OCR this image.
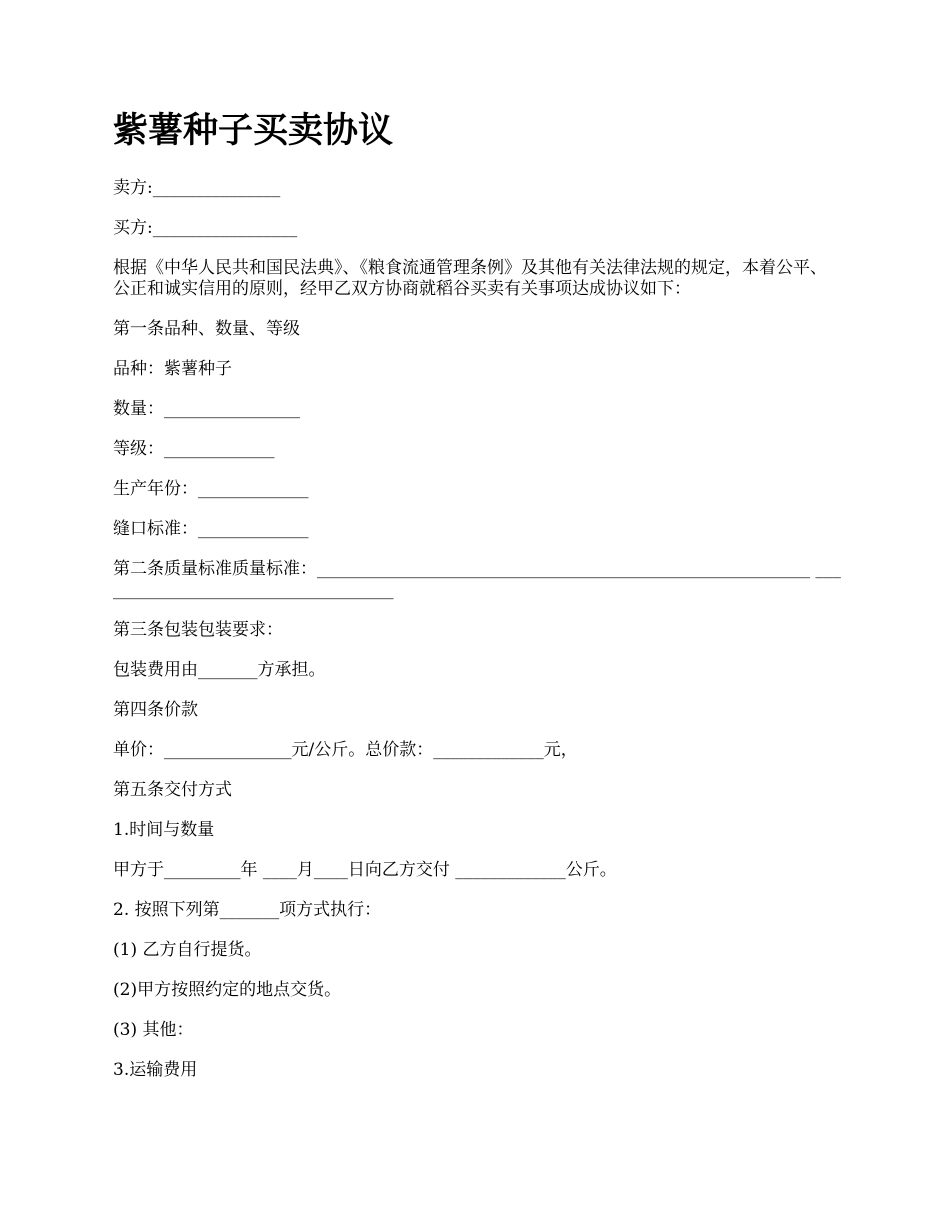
紫薯种子买卖协议

卖方:_______________

买方:_________________

根据《中华人民共和国民法典》、《粮食流通管理条例》及其他有关法律法规的规定，本着公平、公正和诚实信用的原则，经甲乙双方协商就稻谷买卖有关事项达成协议如下：

第一条品种、数量、等级

品种：紫薯种子

数量：________________

等级：_____________

生产年份：_____________

缝口标准：_____________

第二条质量标准质量标准：__________________________________________________________ ____________________________________

第三条包装包装要求：

包装费用由_______方承担。

第四条价款

单价：_______________元/公斤。总价款：_____________元，

第五条交付方式

1.时间与数量

甲方于_________年 ____月____日向乙方交付 _____________公斤。

2. 按照下列第_______项方式执行：

(1) 乙方自行提货。

(2)甲方按照约定的地点交货。

(3) 其他：

3.运输费用
